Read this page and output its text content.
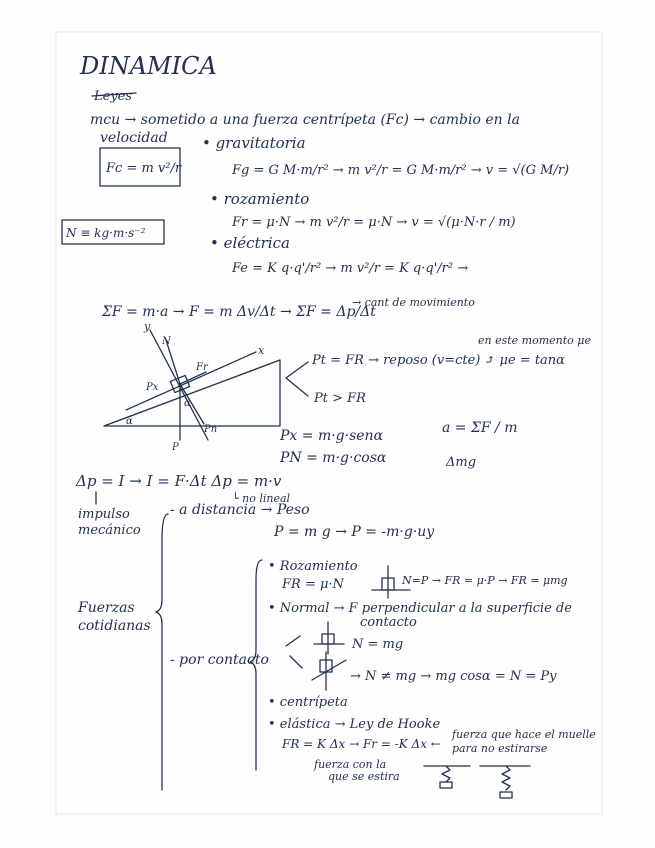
DINAMICA
Leyes
mcu → sometido a una fuerza centrípeta (Fc) → cambio en la
velocidad
Fc = m v²/r
N ≡ kg·m·s⁻²
• gravitatoria
Fg = G M·m/r² → m v²/r = G M·m/r² → v = √(G M/r)
• rozamiento
Fr = μ·N → m v²/r = μ·N → v = √(μ·N·r / m)
• eléctrica
Fe = K q·q'/r² → m v²/r = K q·q'/r² →
ΣF = m·a → F = m Δv/Δt → ΣF = Δp/Δt
→ cant de movimiento
y
x
N
Fr
Px
Pn
P
α
α
en este momento μe
Pt = FR → reposo (v=cte) ⤴ μe = tanα
Pt > FR
Px = m·g·senα
PN = m·g·cosα
a = ΣF / m
Δmg
Δp = I → I = F·Δt Δp = m·v
└ no lineal
impulso
mecánico
Fuerzas
cotidianas
- a distancia → Peso
P = m g → P = -m·g·uy
- por contacto
• Rozamiento
FR = μ·N	N=P → FR = μ·P → FR = μmg
• Normal → F perpendicular a la superficie de
contacto
N = mg
→ N ≠ mg → mg cosα = N = Py
• centrípeta
• elástica → Ley de Hooke
FR = K Δx → Fr = -K Δx ←
fuerza que hace el muelle
para no estirarse
fuerza con la
que se estira
